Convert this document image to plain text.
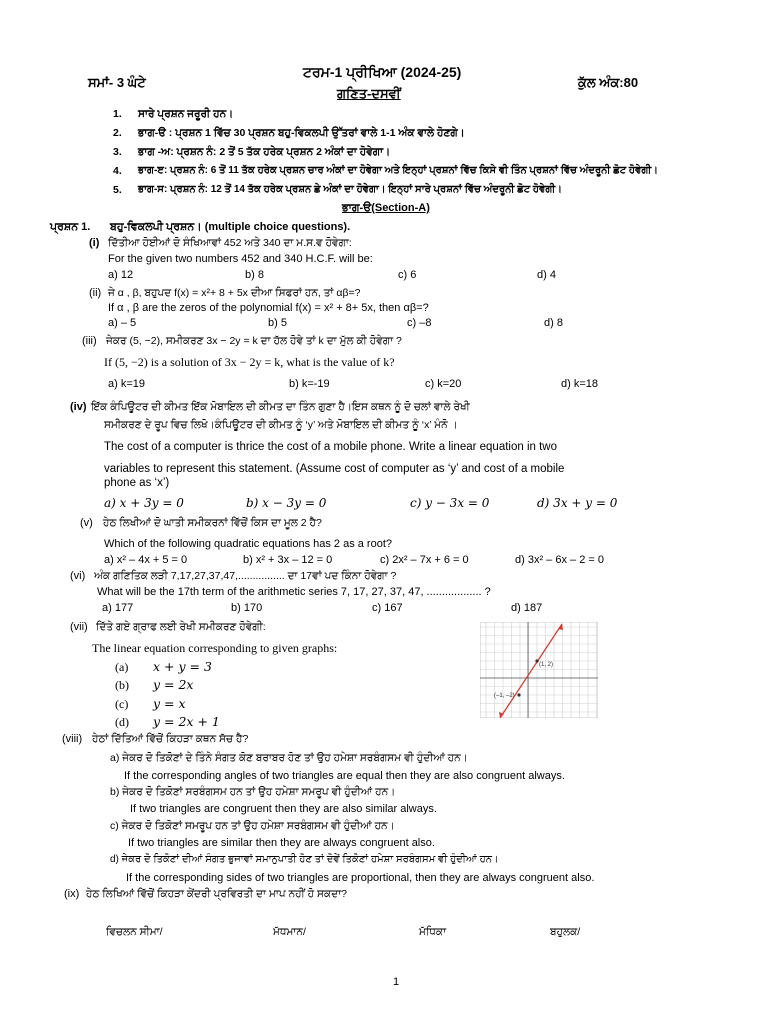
ਟਰਮ-1 ਪ੍ਰੀਖਿਆ (2024-25)
ਸਮਾਂ- 3 ਘੰਟੇ	ਕੁੱਲ ਅੰਕ:80
ਗਣਿਤ-ਦਸਵੀਂ
1. ਸਾਰੇ ਪ੍ਰਸ਼ਨ ਜਰੂਰੀ ਹਨ।
2. ਭਾਗ-ੳ : ਪ੍ਰਸ਼ਨ 1 ਵਿੱਚ 30 ਪ੍ਰਸ਼ਨ ਬਹੁ-ਵਿਕਲਪੀ ਉੱਤਰਾਂ ਵਾਲੇ 1-1 ਅੰਕ ਵਾਲੇ ਹੋਣਗੇ।
3. ਭਾਗ -ਅ: ਪ੍ਰਸ਼ਨ ਨੰ: 2 ਤੋਂ 5 ਤੱਕ ਹਰੇਕ ਪ੍ਰਸ਼ਨ 2 ਅੰਕਾਂ ਦਾ ਹੋਵੇਗਾ।
4. ਭਾਗ-ੲ: ਪ੍ਰਸ਼ਨ ਨੰ: 6 ਤੋਂ 11 ਤੱਕ ਹਰੇਕ ਪ੍ਰਸ਼ਨ ਚਾਰ ਅੰਕਾਂ ਦਾ ਹੋਵੇਗਾ ਅਤੇ ਇਨ੍ਹਾਂ ਪ੍ਰਸ਼ਨਾਂ ਵਿੱਚ ਕਿਸੇ ਵੀ ਤਿੰਨ ਪ੍ਰਸ਼ਨਾਂ ਵਿੱਚ ਅੰਦਰੂਨੀ ਛੋਟ ਹੋਵੇਗੀ।
5. ਭਾਗ-ਸ: ਪ੍ਰਸ਼ਨ ਨੰ: 12 ਤੋਂ 14 ਤੱਕ ਹਰੇਕ ਪ੍ਰਸ਼ਨ ਛੇ ਅੰਕਾਂ ਦਾ ਹੋਵੇਗਾ। ਇਨ੍ਹਾਂ ਸਾਰੇ ਪ੍ਰਸ਼ਨਾਂ ਵਿੱਚ ਅੰਦਰੂਨੀ ਛੋਟ ਹੋਵੇਗੀ।
ਭਾਗ-ੳ(Section-A)
ਪ੍ਰਸ਼ਨ 1. ਬਹੁ-ਵਿਕਲਪੀ ਪ੍ਰਸ਼ਨ। (multiple choice questions).
(i) ਦਿੱਤੀਆ ਹੋਈਆਂ ਦੋ ਸੰਖਿਆਵਾਂ 452 ਅਤੇ 340 ਦਾ ਮ.ਸ.ਵ ਹੋਵੇਗਾ:
For the given two numbers 452 and 340 H.C.F. will be:
a) 12	b) 8	c) 6	d) 4
(ii) ਜੇ α , β, ਬਹੁਪਦ f(x) = x²+ 8 + 5x ਦੀਆ ਸਿਫਰਾਂ ਹਨ, ਤਾਂ αβ=?
If α , β are the zeros of the polynomial f(x) = x² + 8+ 5x, then αβ=?
a) – 5	b) 5	c) –8	d) 8
(iii) ਜੇਕਰ (5, −2), ਸਮੀਕਰਣ 3x − 2y = k ਦਾ ਹੱਲ ਹੋਵੇ ਤਾਂ k ਦਾ ਮੁੱਲ ਕੀ ਹੋਵੇਗਾ ?
If (5, −2) is a solution of 3x − 2y = k, what is the value of k?
a) k=19	b) k=-19	c) k=20	d) k=18
(iv) ਇੱਕ ਕੰਪਿਊਟਰ ਦੀ ਕੀਮਤ ਇੱਕ ਮੋਬਾਇਲ ਦੀ ਕੀਮਤ ਦਾ ਤਿੰਨ ਗੁਣਾ ਹੈ।ਇਸ ਕਥਨ ਨੂੰ ਦੋ ਚਲਾਂ ਵਾਲੇ ਰੇਖੀ
ਸਮੀਕਰਣ ਦੇ ਰੂਪ ਵਿਚ ਲਿਖੋ।ਕੰਪਿਊਟਰ ਦੀ ਕੀਮਤ ਨੂੰ ‘y’ ਅਤੇ ਮੋਬਾਇਲ ਦੀ ਕੀਮਤ ਨੂੰ ‘x’ ਮੰਨੋ ।
The cost of a computer is thrice the cost of a mobile phone. Write a linear equation in two
variables to represent this statement. (Assume cost of computer as ‘y’ and cost of a mobile
phone as ‘x’)
a) x + 3y = 0	b) x − 3y = 0	c) y − 3x = 0	d) 3x + y = 0
(v) ਹੇਠ ਲਿਖੀਆਂ ਦੋ ਘਾਤੀ ਸਮੀਕਰਨਾਂ ਵਿੱਚੋਂ ਕਿਸ ਦਾ ਮੂਲ 2 ਹੈ?
Which of the following quadratic equations has 2 as a root?
a) x² – 4x + 5 = 0	b) x² + 3x – 12 = 0	c) 2x² – 7x + 6 = 0	d) 3x² – 6x – 2 = 0
(vi) ਅੰਕ ਗਣਿਤਿਕ ਲੜੀ 7,17,27,37,47,................ ਦਾ 17ਵਾਂ ਪਦ ਕਿੰਨਾ ਹੋਵੇਗਾ ?
What will be the 17th term of the arithmetic series 7, 17, 27, 37, 47, .................. ?
a) 177	b) 170	c) 167	d) 187
(vii) ਦਿੱਤੇ ਗਏ ਗ੍ਰਾਫ ਲਈ ਰੇਖੀ ਸਮੀਕਰਣ ਹੋਵੇਗੀ:
The linear equation corresponding to given graphs:
(a) x + y = 3
(b) y = 2x
(c) y = x
(d) y = 2x + 1
(1, 2)
(–1, –2)
(viii) ਹੇਠਾਂ ਦਿੱਤਿਆਂ ਵਿੱਚੋਂ ਕਿਹੜਾ ਕਥਨ ਸੱਚ ਹੈ?
a) ਜੇਕਰ ਦੋ ਤਿਕੋਣਾਂ ਦੇ ਤਿੰਨੇ ਸੰਗਤ ਕੋਣ ਬਰਾਬਰ ਹੋਣ ਤਾਂ ਉਹ ਹਮੇਸ਼ਾ ਸਰਬੰਗਸਮ ਵੀ ਹੁੰਦੀਆਂ ਹਨ।
If the corresponding angles of two triangles are equal then they are also congruent always.
b) ਜੇਕਰ ਦੋ ਤਿਕੋਣਾਂ ਸਰਬੰਗਸਮ ਹਨ ਤਾਂ ਉਹ ਹਮੇਸ਼ਾ ਸਮਰੂਪ ਵੀ ਹੁੰਦੀਆਂ ਹਨ।
If two triangles are congruent then they are also similar always.
c) ਜੇਕਰ ਦੋ ਤਿਕੋਣਾਂ ਸਮਰੂਪ ਹਨ ਤਾਂ ਉਹ ਹਮੇਸ਼ਾ ਸਰਬੰਗਸਮ ਵੀ ਹੁੰਦੀਆਂ ਹਨ।
If two triangles are similar then they are always congruent also.
d) ਜੇਕਰ ਦੋ ਤਿਕੋਣਾਂ ਦੀਆਂ ਸੰਗਤ ਭੁਜਾਵਾਂ ਸਮਾਨੁਪਾਤੀ ਹੋਣ ਤਾਂ ਦੋਵੇਂ ਤਿਕੋਣਾਂ ਹਮੇਸ਼ਾ ਸਰਬੰਗਸਮ ਵੀ ਹੁੰਦੀਆਂ ਹਨ।
If the corresponding sides of two triangles are proportional, then they are always congruent also.
(ix) ਹੇਠ ਲਿਖਿਆਂ ਵਿੱਚੋਂ ਕਿਹੜਾ ਕੇਂਦਰੀ ਪ੍ਰਵਿਰਤੀ ਦਾ ਮਾਪ ਨਹੀਂ ਹੋ ਸਕਦਾ?
ਵਿਚਲਨ ਸੀਮਾ/	ਮੱਧਮਾਨ/	ਮੱਧਿਕਾ	ਬਹੁਲਕ/
1
